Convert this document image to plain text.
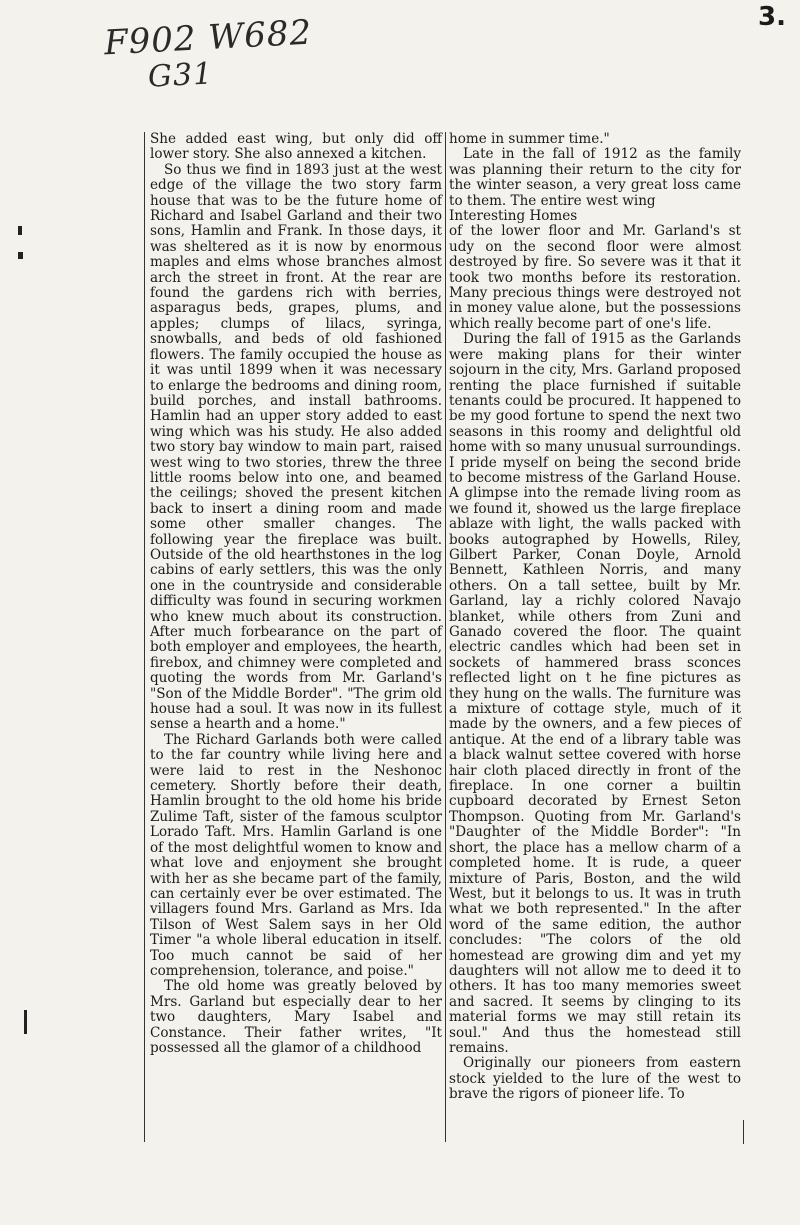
F902 W682
G31
3.

She added east wing, but only did off lower story. She also annexed a kitchen.

So thus we find in 1893 just at the west edge of the village the two story farm house that was to be the future home of Richard and Isabel Garland and their two sons, Hamlin and Frank. In those days, it was sheltered as it is now by enormous maples and elms whose branches almost arch the street in front. At the rear are found the gardens rich with berries, asparagus beds, grapes, plums, and apples; clumps of lilacs, syringa, snowballs, and beds of old fashioned flowers. The family occupied the house as it was until 1899 when it was necessary to enlarge the bedrooms and dining room, build porches, and install bathrooms. Hamlin had an upper story added to east wing which was his study. He also added two story bay window to main part, raised west wing to two stories, threw the three little rooms below into one, and beamed the ceilings; shoved the present kitchen back to insert a dining room and made some other smaller changes. The following year the fireplace was built. Outside of the old hearthstones in the log cabins of early settlers, this was the only one in the countryside and considerable difficulty was found in securing workmen who knew much about its construction. After much forbearance on the part of both employer and employees, the hearth, firebox, and chimney were completed and quoting the words from Mr. Garland's "Son of the Middle Border". "The grim old house had a soul. It was now in its fullest sense a hearth and a home."

The Richard Garlands both were called to the far country while living here and were laid to rest in the Neshonoc cemetery. Shortly before their death, Hamlin brought to the old home his bride Zulime Taft, sister of the famous sculptor Lorado Taft. Mrs. Hamlin Garland is one of the most delightful women to know and what love and enjoyment she brought with her as she became part of the family, can certainly ever be over estimated. The villagers found Mrs. Garland as Mrs. Ida Tilson of West Salem says in her Old Timer "a whole liberal education in itself. Too much cannot be said of her comprehension, tolerance, and poise."

The old home was greatly beloved by Mrs. Garland but especially dear to her two daughters, Mary Isabel and Constance. Their father writes, "It possessed all the glamor of a childhood

home in summer time."

Late in the fall of 1912 as the family was planning their return to the city for the winter season, a very great loss came to them. The entire west wing

Interesting Homes

of the lower floor and Mr. Garland's st udy on the second floor were almost destroyed by fire. So severe was it that it took two months before its restoration. Many precious things were destroyed not in money value alone, but the possessions which really become part of one's life.

During the fall of 1915 as the Garlands were making plans for their winter sojourn in the city, Mrs. Garland proposed renting the place furnished if suitable tenants could be procured. It happened to be my good fortune to spend the next two seasons in this roomy and delightful old home with so many unusual surroundings. I pride myself on being the second bride to become mistress of the Garland House. A glimpse into the remade living room as we found it, showed us the large fireplace ablaze with light, the walls packed with books autographed by Howells, Riley, Gilbert Parker, Conan Doyle, Arnold Bennett, Kathleen Norris, and many others. On a tall settee, built by Mr. Garland, lay a richly colored Navajo blanket, while others from Zuni and Ganado covered the floor. The quaint electric candles which had been set in sockets of hammered brass sconces reflected light on t he fine pictures as they hung on the walls. The furniture was a mixture of cottage style, much of it made by the owners, and a few pieces of antique. At the end of a library table was a black walnut settee covered with horse hair cloth placed directly in front of the fireplace. In one corner a builtin cupboard decorated by Ernest Seton Thompson. Quoting from Mr. Garland's "Daughter of the Middle Border": "In short, the place has a mellow charm of a completed home. It is rude, a queer mixture of Paris, Boston, and the wild West, but it belongs to us. It was in truth what we both represented." In the after word of the same edition, the author concludes: "The colors of the old homestead are growing dim and yet my daughters will not allow me to deed it to others. It has too many memories sweet and sacred. It seems by clinging to its material forms we may still retain its soul." And thus the homestead still remains.

Originally our pioneers from eastern stock yielded to the lure of the west to brave the rigors of pioneer life. To
